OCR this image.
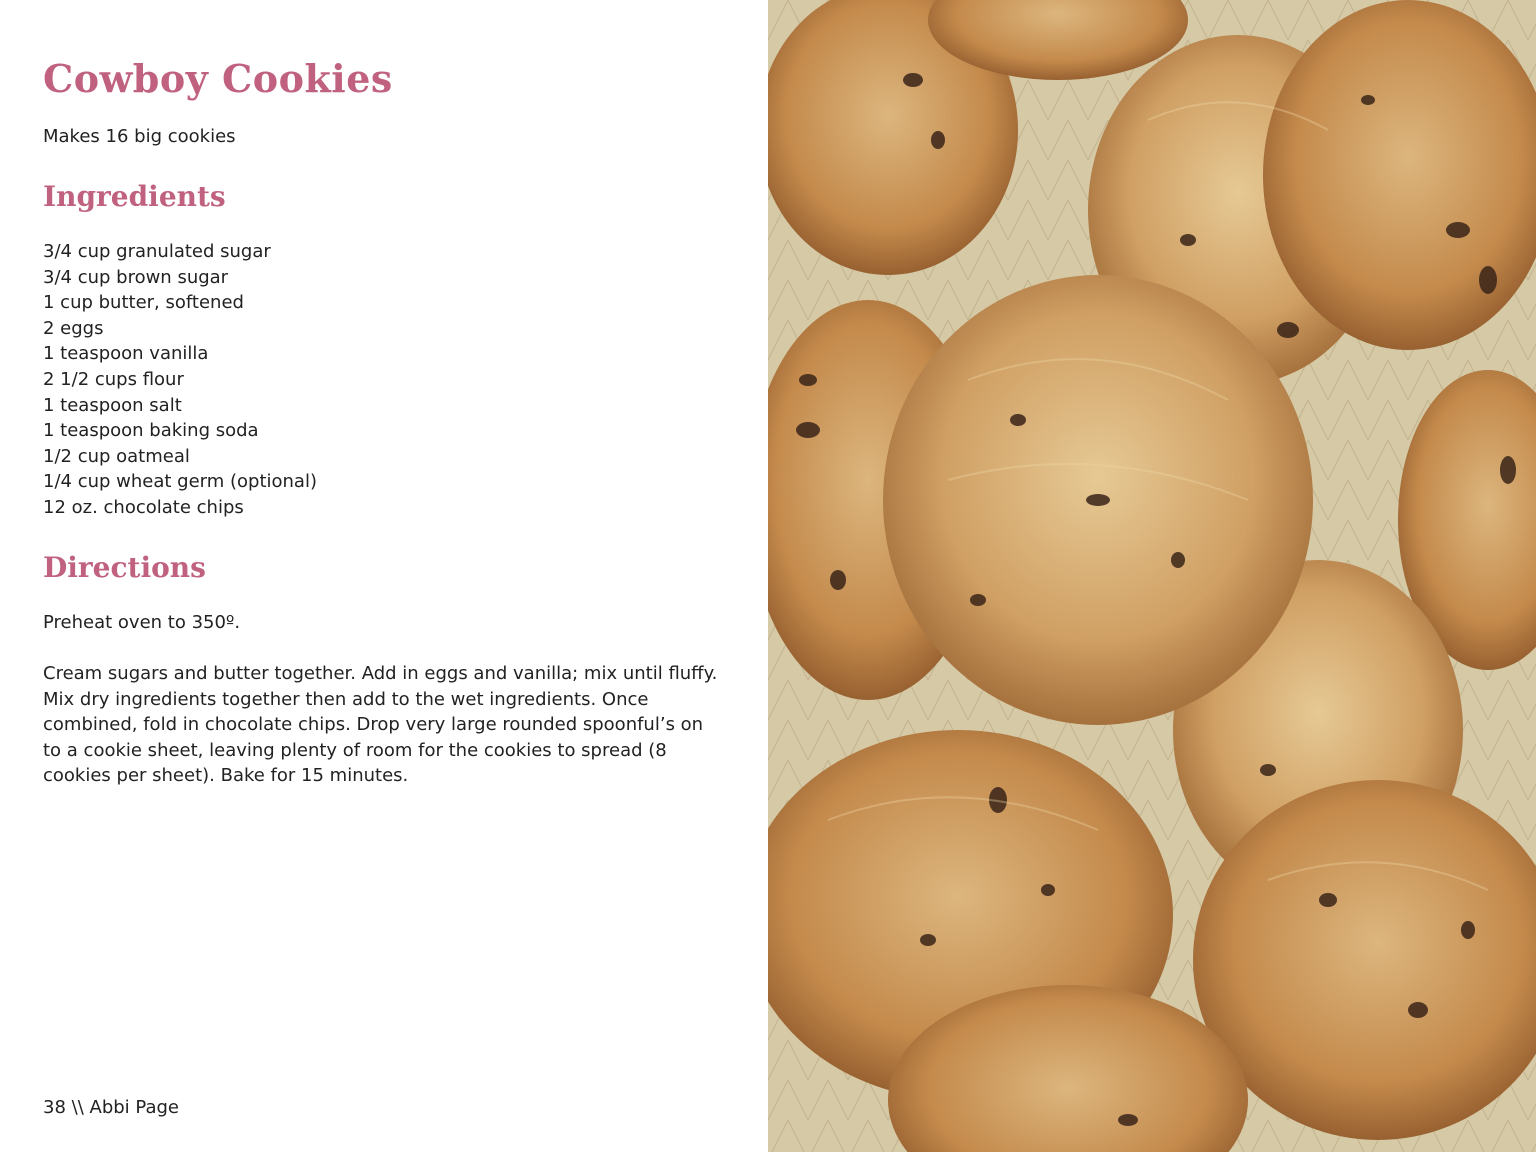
Cowboy Cookies

Makes 16 big cookies

Ingredients
3/4 cup granulated sugar
3/4 cup brown sugar
1 cup butter, softened
2 eggs
1 teaspoon vanilla
2 1/2 cups flour
1 teaspoon salt
1 teaspoon baking soda
1/2 cup oatmeal
1/4 cup wheat germ (optional)
12 oz. chocolate chips
Directions

Preheat oven to 350º.

Cream sugars and butter together. Add in eggs and vanilla; mix until fluffy. Mix dry ingredients together then add to the wet ingredients. Once combined, fold in chocolate chips. Drop very large rounded spoonful’s on to a cookie sheet, leaving plenty of room for the cookies to spread (8 cookies per sheet). Bake for 15 minutes.

38 \\ Abbi Page
